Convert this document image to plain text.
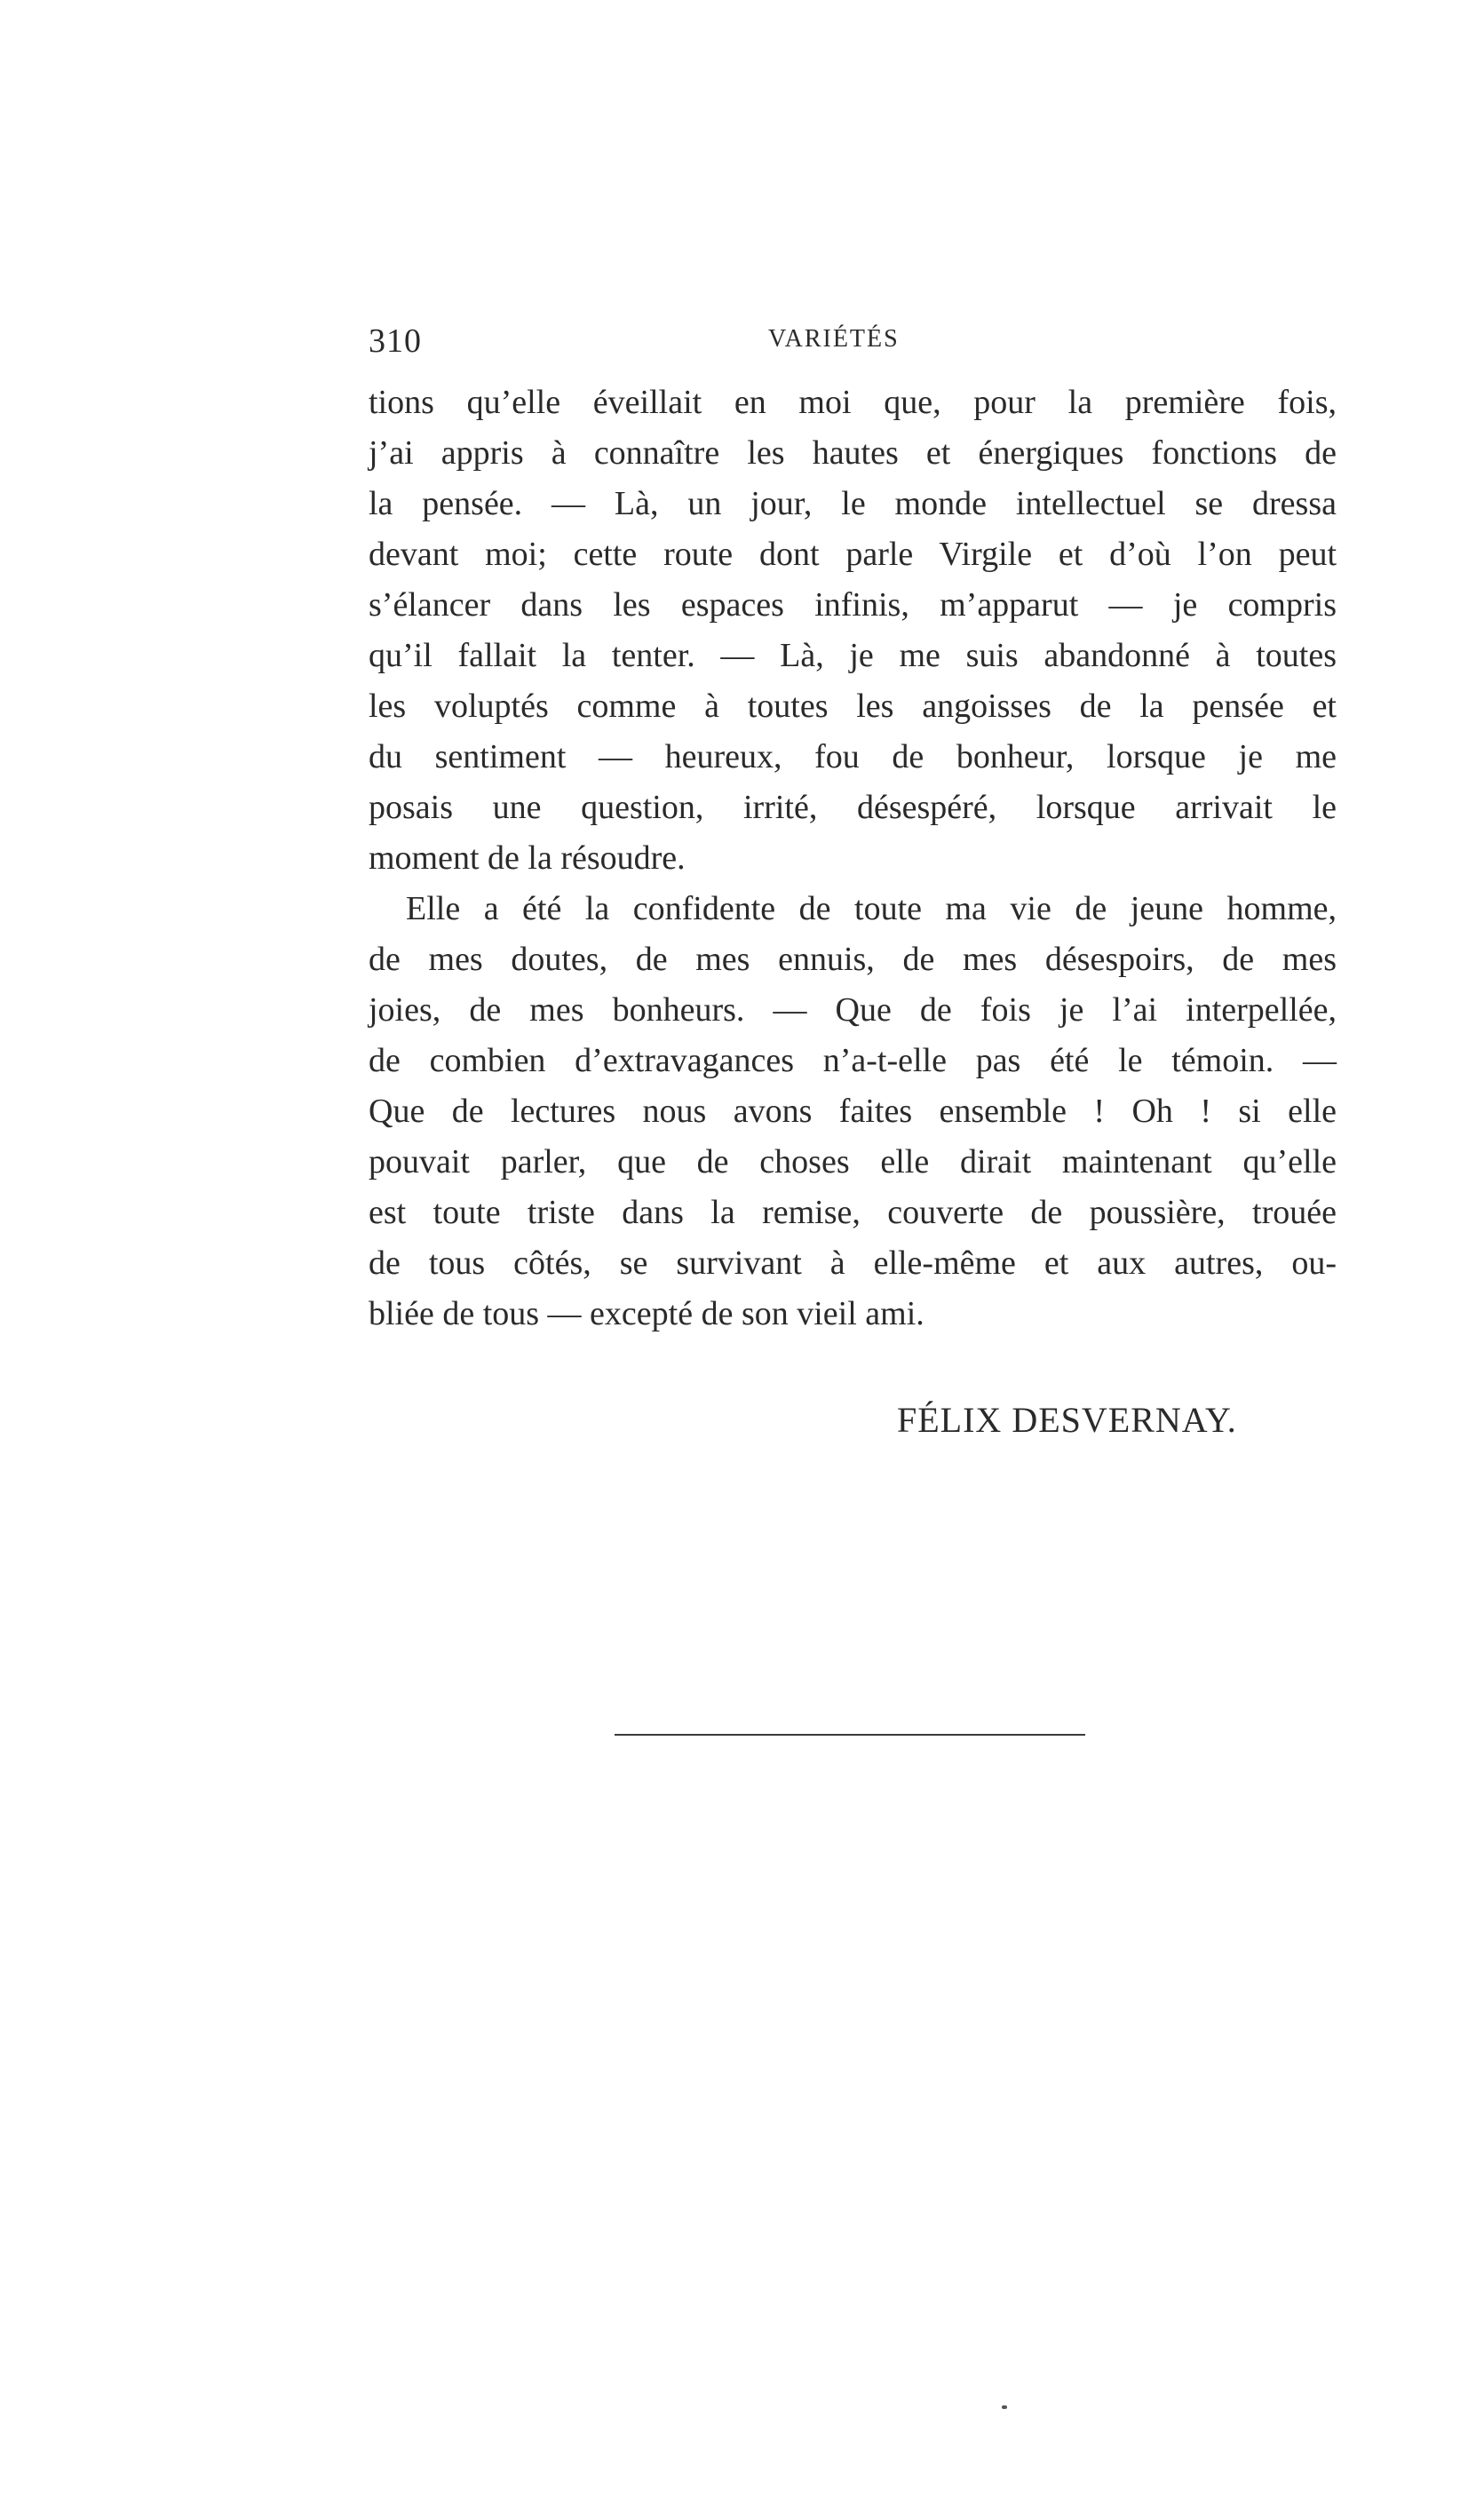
310	VARIÉTÉS
tions qu’elle éveillait en moi que, pour la première fois,
j’ai appris à connaître les hautes et énergiques fonctions de
la pensée. — Là, un jour, le monde intellectuel se dressa
devant moi; cette route dont parle Virgile et d’où l’on peut
s’élancer dans les espaces infinis, m’apparut — je compris
qu’il fallait la tenter. — Là, je me suis abandonné à toutes
les voluptés comme à toutes les angoisses de la pensée et
du sentiment — heureux, fou de bonheur, lorsque je me
posais une question, irrité, désespéré, lorsque arrivait le
moment de la résoudre.
Elle a été la confidente de toute ma vie de jeune homme,
de mes doutes, de mes ennuis, de mes désespoirs, de mes
joies, de mes bonheurs. — Que de fois je l’ai interpellée,
de combien d’extravagances n’a-t-elle pas été le témoin. —
Que de lectures nous avons faites ensemble ! Oh ! si elle
pouvait parler, que de choses elle dirait maintenant qu’elle
est toute triste dans la remise, couverte de poussière, trouée
de tous côtés, se survivant à elle-même et aux autres, ou-
bliée de tous — excepté de son vieil ami.
FÉLIX DESVERNAY.
